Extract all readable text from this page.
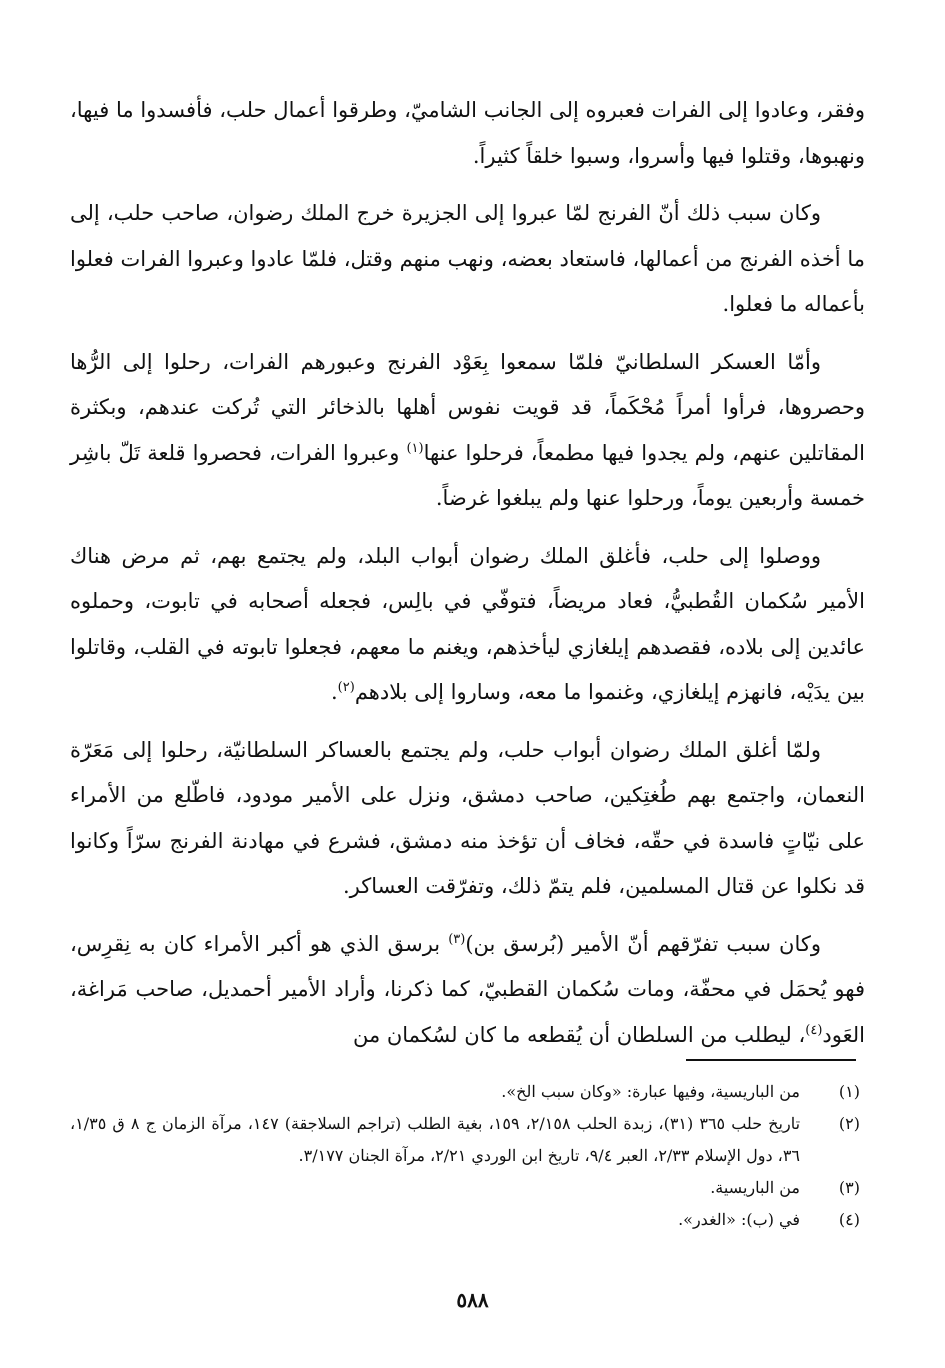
وفقر، وعادوا إلى الفرات فعبروه إلى الجانب الشاميّ، وطرقوا أعمال حلب، فأفسدوا ما فيها، ونهبوها، وقتلوا فيها وأسروا، وسبوا خلقاً كثيراً.

وكان سبب ذلك أنّ الفرنج لمّا عبروا إلى الجزيرة خرج الملك رضوان، صاحب حلب، إلى ما أخذه الفرنج من أعمالها، فاستعاد بعضه، ونهب منهم وقتل، فلمّا عادوا وعبروا الفرات فعلوا بأعماله ما فعلوا.

وأمّا العسكر السلطانيّ فلمّا سمعوا بِعَوْد الفرنج وعبورهم الفرات، رحلوا إلى الرُّها وحصروها، فرأوا أمراً مُحْكَماً، قد قويت نفوس أهلها بالذخائر التي تُركت عندهم، وبكثرة المقاتلين عنهم، ولم يجدوا فيها مطمعاً، فرحلوا عنها$^{(١)}$ وعبروا الفرات، فحصروا قلعة تَلّ باشِر خمسة وأربعين يوماً، ورحلوا عنها ولم يبلغوا غرضاً.

ووصلوا إلى حلب، فأغلق الملك رضوان أبواب البلد، ولم يجتمع بهم، ثم مرض هناك الأمير سُكمان القُطبيُّ، فعاد مريضاً، فتوفّي في بالِس، فجعله أصحابه في تابوت، وحملوه عائدين إلى بلاده، فقصدهم إيلغازي ليأخذهم، ويغنم ما معهم، فجعلوا تابوته في القلب، وقاتلوا بين يدَيْه، فانهزم إيلغازي، وغنموا ما معه، وساروا إلى بلادهم$^{(٢)}$.

ولمّا أغلق الملك رضوان أبواب حلب، ولم يجتمع بالعساكر السلطانيّة، رحلوا إلى مَعَرّة النعمان، واجتمع بهم طُغتِكين، صاحب دمشق، ونزل على الأمير مودود، فاطّلع من الأمراء على نيّاتٍ فاسدة في حقّه، فخاف أن تؤخذ منه دمشق، فشرع في مهادنة الفرنج سرّاً وكانوا قد نكلوا عن قتال المسلمين، فلم يتمّ ذلك، وتفرّقت العساكر.

وكان سبب تفرّقهم أنّ الأمير (بُرسق بن)$^{(٣)}$ برسق الذي هو أكبر الأمراء كان به نِقرِس، فهو يُحمَل في محفّة، ومات سُكمان القطبيّ، كما ذكرنا، وأراد الأمير أحمديل، صاحب مَراغة، العَود$^{(٤)}$، ليطلب من السلطان أن يُقطعه ما كان لسُكمان من

(١)
من الباريسية، وفيها عبارة: «وكان سبب الخ».
(٢)
تاريخ حلب ٣٦٥ (٣١)، زبدة الحلب ٢/١٥٨، ١٥٩، بغية الطلب (تراجم السلاجقة) ١٤٧، مرآة الزمان ج ٨ ق ١/٣٥، ٣٦، دول الإسلام ٢/٣٣، العبر ٩/٤، تاريخ ابن الوردي ٢/٢١، مرآة الجنان ٣/١٧٧.
(٣)
من الباريسية.
(٤)
في (ب): «الغدر».
٥٨٨
